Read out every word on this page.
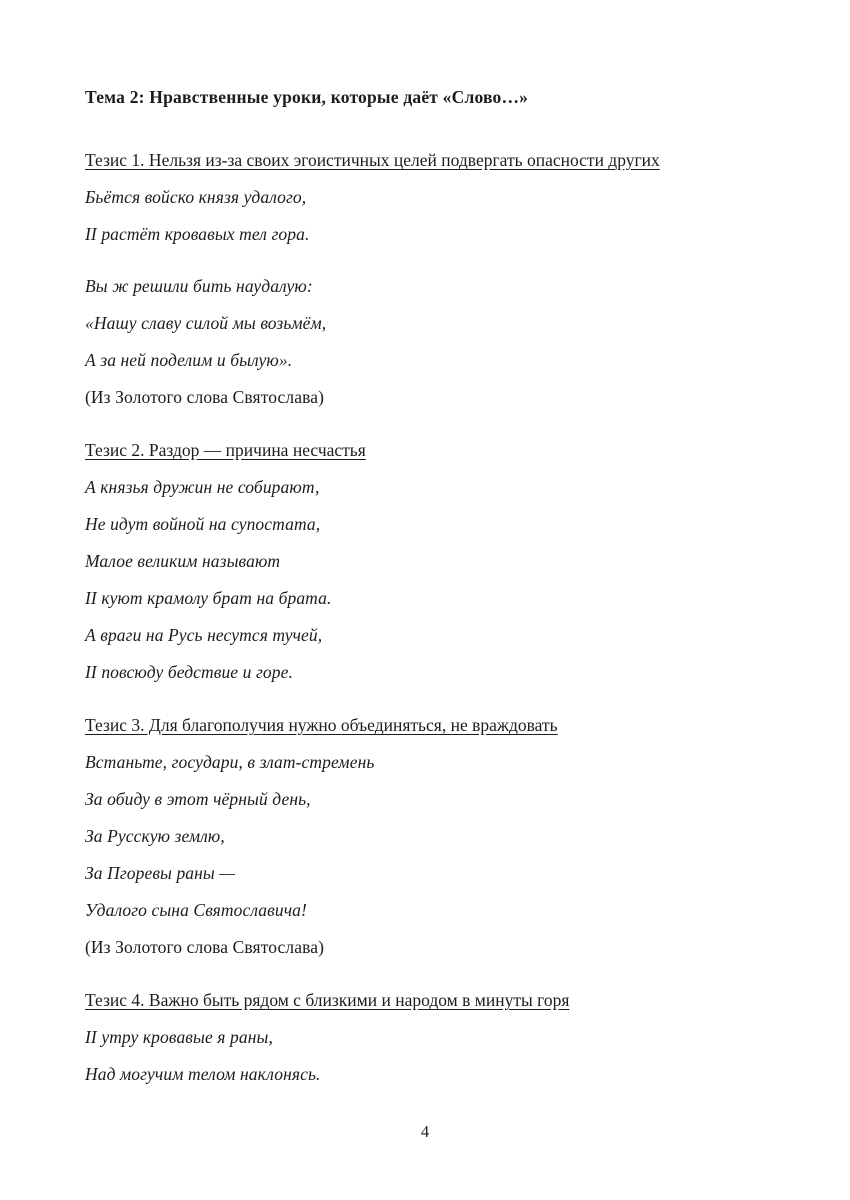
Тема 2: Нравственные уроки, которые даёт «Слово…»
Тезис 1. Нельзя из-за своих эгоистичных целей подвергать опасности других

Бьётся войско князя удалого,

II растёт кровавых тел гора.

Вы ж решили бить наудалую:

«Нашу славу силой мы возьмём,

А за ней поделим и былую».

(Из Золотого слова Святослава)

Тезис 2. Раздор — причина несчастья

А князья дружин не собирают,

Не идут войной на супостата,

Малое великим называют

II куют крамолу брат на брата.

А враги на Русь несутся тучей,

II повсюду бедствие и горе.

Тезис 3. Для благополучия нужно объединяться, не враждовать

Встаньте, государи, в злат-стремень

За обиду в этот чёрный день,

За Русскую землю,

За Пгоревы раны —

Удалого сына Святославича!

(Из Золотого слова Святослава)

Тезис 4. Важно быть рядом с близкими и народом в минуты горя

II утру кровавые я раны,

Над могучим телом наклонясь.

4
